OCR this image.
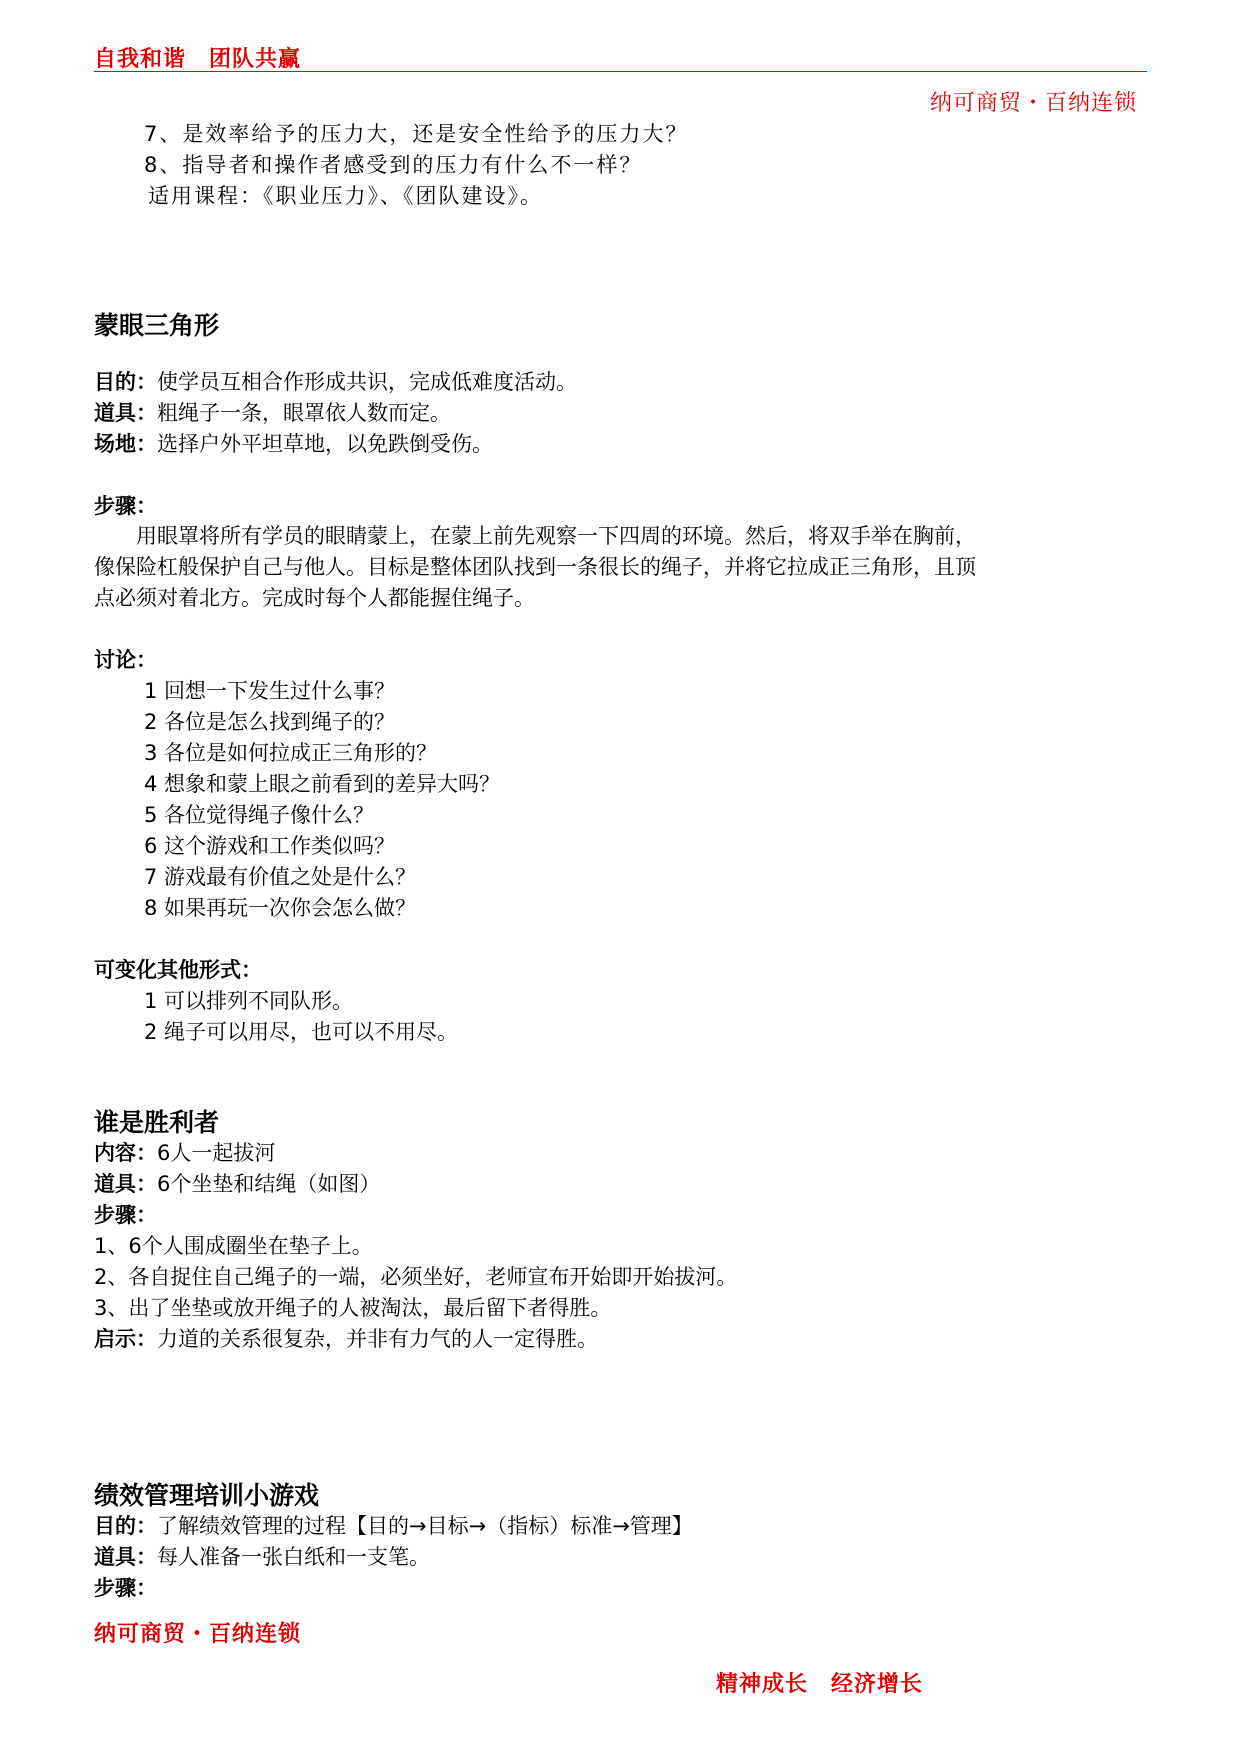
自我和谐　团队共赢
纳可商贸・百纳连锁
7、是效率给予的压力大，还是安全性给予的压力大？
8、指导者和操作者感受到的压力有什么不一样？
适用课程：《职业压力》、《团队建设》。
蒙眼三角形
目的：使学员互相合作形成共识，完成低难度活动。
道具：粗绳子一条，眼罩依人数而定。
场地：选择户外平坦草地，以免跌倒受伤。
步骤：
　　用眼罩将所有学员的眼睛蒙上，在蒙上前先观察一下四周的环境。然后，将双手举在胸前，
像保险杠般保护自己与他人。目标是整体团队找到一条很长的绳子，并将它拉成正三角形，且顶
点必须对着北方。完成时每个人都能握住绳子。
讨论：
1 回想一下发生过什么事？
2 各位是怎么找到绳子的？
3 各位是如何拉成正三角形的？
4 想象和蒙上眼之前看到的差异大吗？
5 各位觉得绳子像什么？
6 这个游戏和工作类似吗？
7 游戏最有价值之处是什么？
8 如果再玩一次你会怎么做？
可变化其他形式：
1 可以排列不同队形。
2 绳子可以用尽，也可以不用尽。
谁是胜利者
内容：6人一起拔河
道具：6个坐垫和结绳（如图）
步骤：
1、6个人围成圈坐在垫子上。
2、各自捉住自己绳子的一端，必须坐好，老师宣布开始即开始拔河。
3、出了坐垫或放开绳子的人被淘汰，最后留下者得胜。
启示：力道的关系很复杂，并非有力气的人一定得胜。
绩效管理培训小游戏
目的：了解绩效管理的过程【目的→目标→（指标）标准→管理】
道具：每人准备一张白纸和一支笔。
步骤：
纳可商贸・百纳连锁
精神成长　经济增长
